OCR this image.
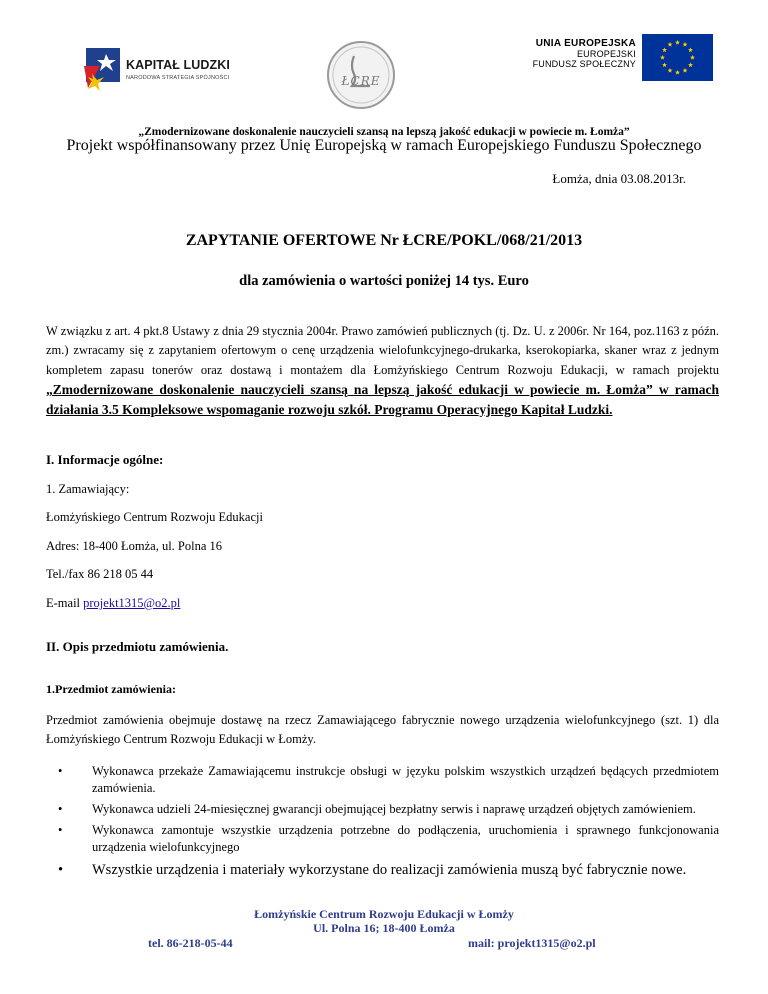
KAPITAŁ LUDZKI
NARODOWA STRATEGIA SPÓJNOŚCI	ŁCRE
UNIA EUROPEJSKA
EUROPEJSKI
FUNDUSZ SPOŁECZNY
„Zmodernizowane doskonalenie nauczycieli szansą na lepszą jakość edukacji w powiecie m. Łomża”
Projekt współfinansowany przez Unię Europejską w ramach Europejskiego Funduszu Społecznego
Łomża, dnia 03.08.2013r.
ZAPYTANIE OFERTOWE Nr ŁCRE/POKL/068/21/2013
dla zamówienia o wartości poniżej 14 tys. Euro
W związku z art. 4 pkt.8 Ustawy z dnia 29 stycznia 2004r. Prawo zamówień publicznych (tj. Dz. U. z 2006r. Nr 164, poz.1163 z późn. zm.) zwracamy się z zapytaniem ofertowym o cenę urządzenia wielofunkcyjnego-drukarka, kserokopiarka, skaner wraz z jednym kompletem zapasu tonerów oraz dostawą i montażem dla Łomżyńskiego Centrum Rozwoju Edukacji, w ramach projektu „Zmodernizowane doskonalenie nauczycieli szansą na lepszą jakość edukacji w powiecie m. Łomża” w ramach działania 3.5 Kompleksowe wspomaganie rozwoju szkół. Programu Operacyjnego Kapitał Ludzki.
I. Informacje ogólne:
1. Zamawiający:
Łomżyńskiego Centrum Rozwoju Edukacji
Adres: 18-400 Łomża, ul. Polna 16
Tel./fax 86 218 05 44
E-mail projekt1315@o2.pl
II. Opis przedmiotu zamówienia.
1.Przedmiot zamówienia:
Przedmiot zamówienia obejmuje dostawę na rzecz Zamawiającego fabrycznie nowego urządzenia wielofunkcyjnego (szt. 1) dla Łomżyńskiego Centrum Rozwoju Edukacji w Łomży.
• Wykonawca przekaże Zamawiającemu instrukcje obsługi w języku polskim wszystkich urządzeń będących przedmiotem zamówienia.
• Wykonawca udzieli 24-miesięcznej gwarancji obejmującej bezpłatny serwis i naprawę urządzeń objętych zamówieniem.
• Wykonawca zamontuje wszystkie urządzenia potrzebne do podłączenia, uruchomienia i sprawnego funkcjonowania urządzenia wielofunkcyjnego
• Wszystkie urządzenia i materiały wykorzystane do realizacji zamówienia muszą być fabrycznie nowe.
Łomżyńskie Centrum Rozwoju Edukacji w Łomży
Ul. Polna 16; 18-400 Łomża
tel. 86-218-05-44	mail: projekt1315@o2.pl
